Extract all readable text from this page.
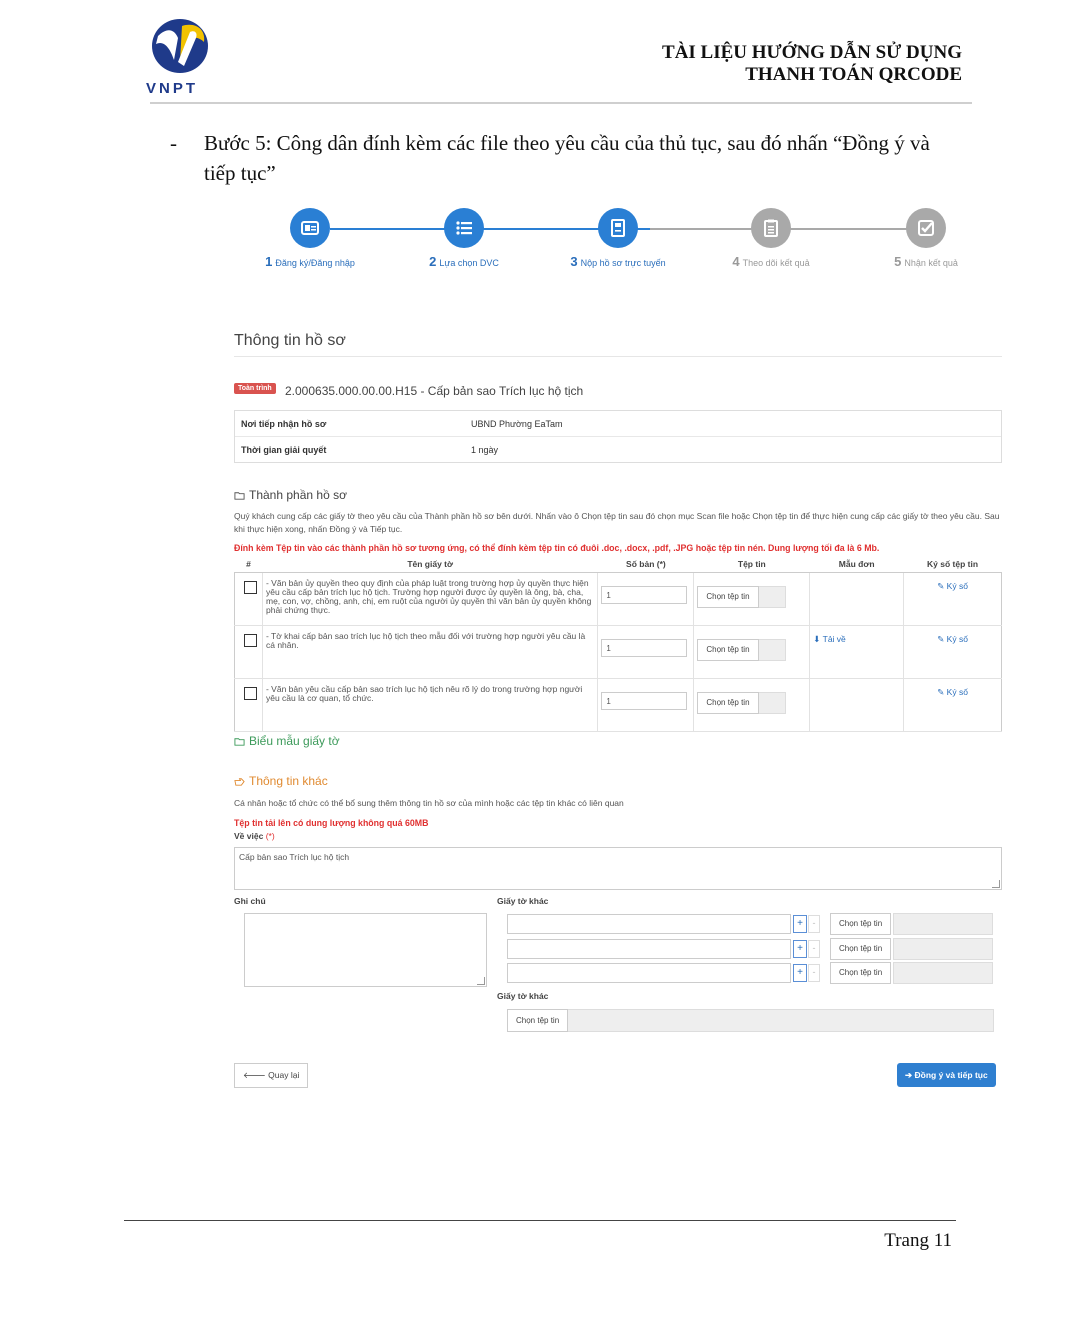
VNPT
TÀI LIỆU HƯỚNG DẪN SỬ DỤNG
THANH TOÁN QRCODE
- Bước 5: Công dân đính kèm các file theo yêu cầu của thủ tục, sau đó nhấn “Đồng ý và tiếp tục”
1 Đăng ký/Đăng nhập	2 Lựa chọn DVC	3 Nộp hồ sơ trực tuyến	4 Theo dõi kết quả	5 Nhận kết quả
Thông tin hồ sơ
Toàn trình	2.000635.000.00.00.H15 - Cấp bản sao Trích lục hộ tịch
Nơi tiếp nhận hồ sơ	UBND Phường EaTam
Thời gian giải quyết	1 ngày
Thành phần hồ sơ
Quý khách cung cấp các giấy tờ theo yêu cầu của Thành phần hồ sơ bên dưới. Nhấn vào ô Chọn tệp tin sau đó chọn mục Scan file hoặc Chọn tệp tin để thực hiện cung cấp các giấy tờ theo yêu cầu. Sau khi thực hiện xong, nhấn Đồng ý và Tiếp tục.
Đính kèm Tệp tin vào các thành phần hồ sơ tương ứng, có thể đính kèm tệp tin có đuôi .doc, .docx, .pdf, .JPG hoặc tệp tin nén. Dung lượng tối đa là 6 Mb.
#	Tên giấy tờ	Số bản (*)	Tệp tin	Mẫu đơn	Ký số tệp tin

	- Văn bản ủy quyền theo quy định của pháp luật trong trường hợp ủy quyền thực hiện yêu cầu cấp bản trích lục hộ tịch. Trường hợp người được ủy quyền là ông, bà, cha, mẹ, con, vợ, chồng, anh, chị, em ruột của người ủy quyền thì văn bản ủy quyền không phải chứng thực.	1	Chọn tệp tin		✎ Ký số

	- Tờ khai cấp bản sao trích lục hộ tịch theo mẫu đối với trường hợp người yêu cầu là cá nhân.	1	Chọn tệp tin	⬇ Tải về	✎ Ký số

	- Văn bản yêu cầu cấp bản sao trích lục hộ tịch nêu rõ lý do trong trường hợp người yêu cầu là cơ quan, tổ chức.	1	Chọn tệp tin		✎ Ký số
Biểu mẫu giấy tờ
Thông tin khác
Cá nhân hoặc tổ chức có thể bổ sung thêm thông tin hồ sơ của mình hoặc các tệp tin khác có liên quan
Tệp tin tải lên có dung lượng không quá 60MB
Về việc (*)
Cấp bản sao Trích lục hộ tịch
Ghi chú	Giấy tờ khác
+	-	Chọn tệp tin
+	-	Chọn tệp tin
+	-	Chọn tệp tin
Giấy tờ khác
Chọn tệp tin
🡐 Quay lại	➔ Đồng ý và tiếp tục
Trang 11
